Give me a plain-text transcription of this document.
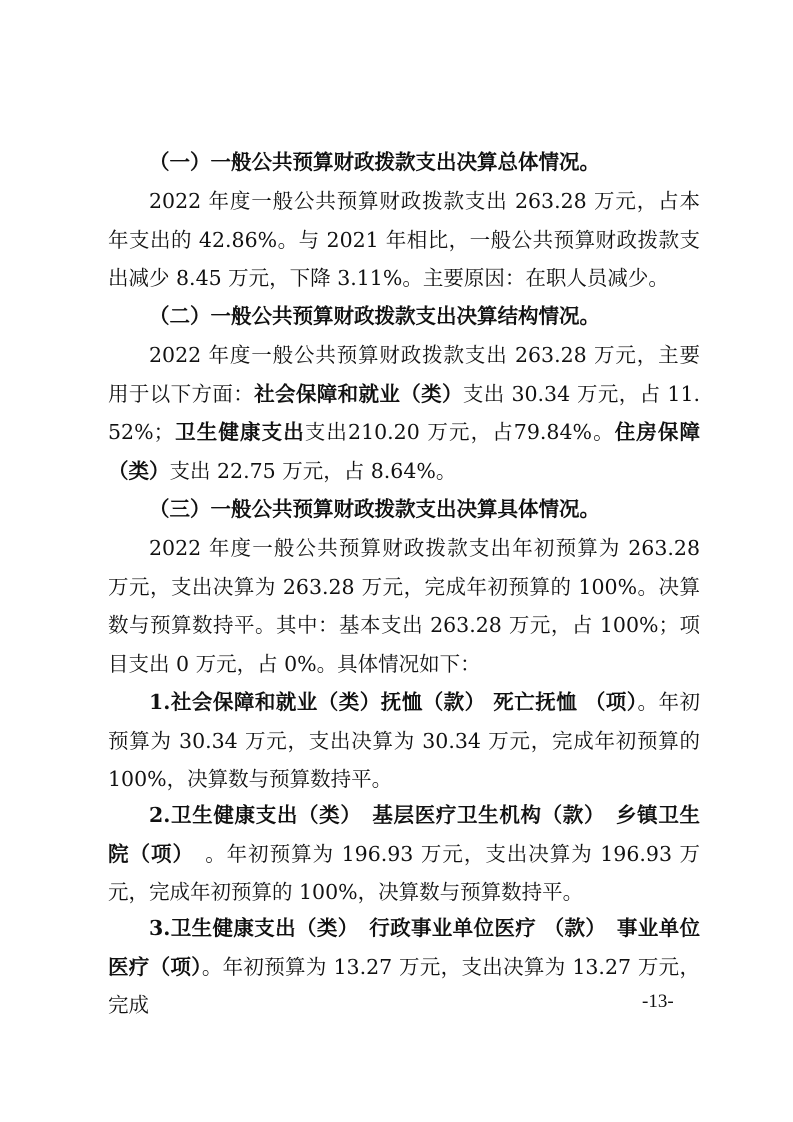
（一）一般公共预算财政拨款支出决算总体情况。

2022 年度一般公共预算财政拨款支出 263.28 万元，占本年支出的 42.86%。与 2021 年相比，一般公共预算财政拨款支出减少 8.45 万元，下降 3.11%。主要原因：在职人员减少。

（二）一般公共预算财政拨款支出决算结构情况。

2022 年度一般公共预算财政拨款支出 263.28 万元，主要用于以下方面：社会保障和就业（类）支出 30.34 万元，占 11.52%；卫生健康支出支出210.20 万元，占79.84%。住房保障（类）支出 22.75 万元，占 8.64%。

（三）一般公共预算财政拨款支出决算具体情况。

2022 年度一般公共预算财政拨款支出年初预算为 263.28 万元，支出决算为 263.28 万元，完成年初预算的 100%。决算数与预算数持平。其中：基本支出 263.28 万元，占 100%；项目支出 0 万元，占 0%。具体情况如下：

1.社会保障和就业（类）抚恤（款） 死亡抚恤 （项）。年初预算为 30.34 万元，支出决算为 30.34 万元，完成年初预算的 100%，决算数与预算数持平。

2.卫生健康支出（类）　基层医疗卫生机构（款）　乡镇卫生院（项）　。年初预算为 196.93 万元，支出决算为 196.93 万元，完成年初预算的 100%，决算数与预算数持平。

3.卫生健康支出（类）　行政事业单位医疗 （款）　事业单位医疗（项）。年初预算为 13.27 万元，支出决算为 13.27 万元，完成	-13-
